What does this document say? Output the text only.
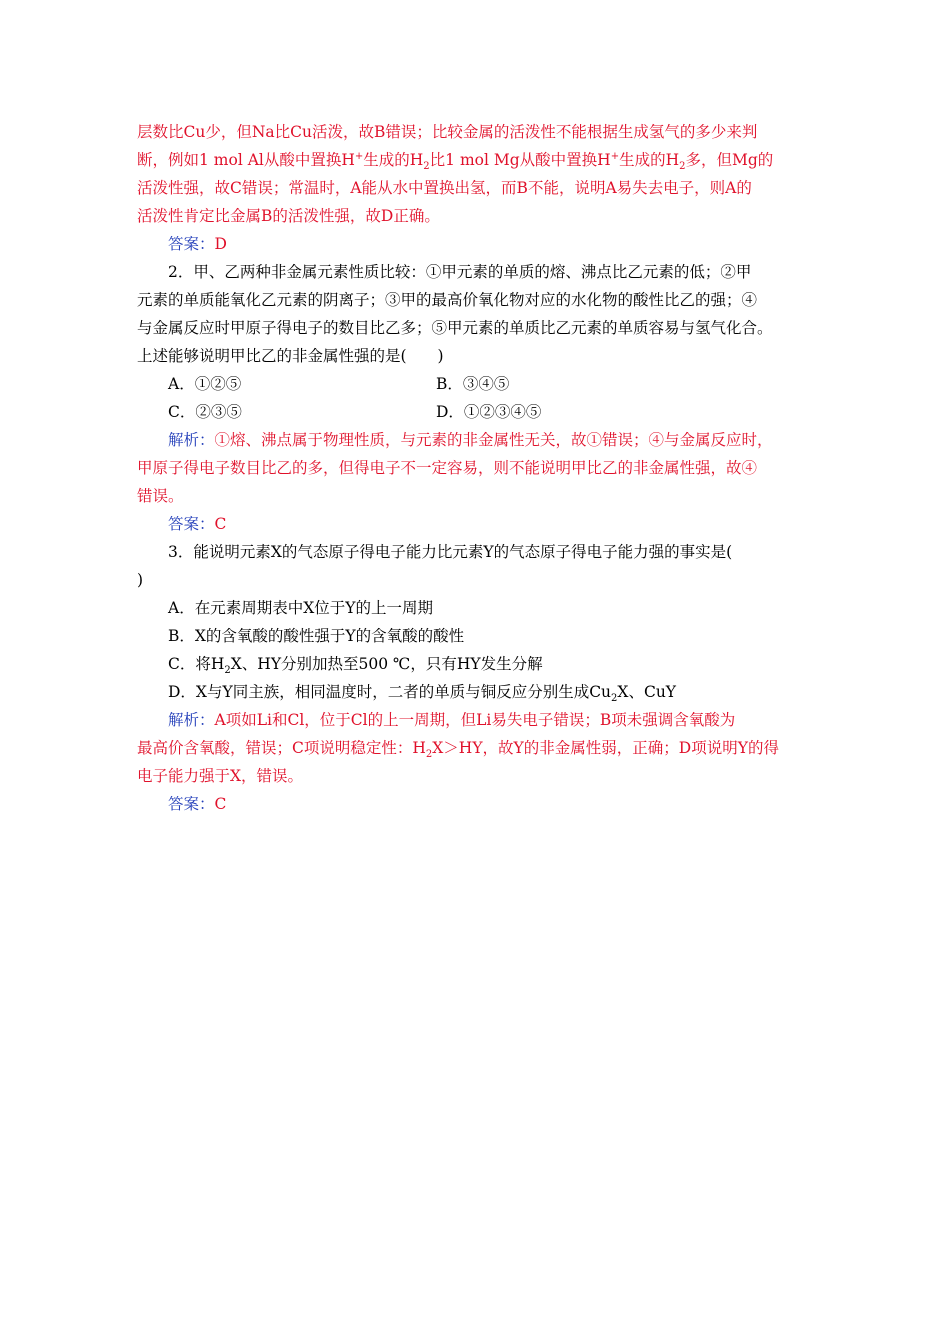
层数比Cu少，但Na比Cu活泼，故B错误；比较金属的活泼性不能根据生成氢气的多少来判
断，例如1 mol Al从酸中置换H+生成的$H_2$比1 mol Mg从酸中置换H+生成的$H_2$多，但Mg的
活泼性强，故C错误；常温时，A能从水中置换出氢，而B不能，说明A易失去电子，则A的
活泼性肯定比金属B的活泼性强，故D正确。
答案：D
2．甲、乙两种非金属元素性质比较：①甲元素的单质的熔、沸点比乙元素的低；②甲
元素的单质能氧化乙元素的阴离子；③甲的最高价氧化物对应的水化物的酸性比乙的强；④
与金属反应时甲原子得电子的数目比乙多；⑤甲元素的单质比乙元素的单质容易与氢气化合。
上述能够说明甲比乙的非金属性强的是(　　)
A．①②⑤	B．③④⑤
C．②③⑤	D．①②③④⑤
解析：①熔、沸点属于物理性质，与元素的非金属性无关，故①错误；④与金属反应时，
甲原子得电子数目比乙的多，但得电子不一定容易，则不能说明甲比乙的非金属性强，故④
错误。
答案：C
3．能说明元素X的气态原子得电子能力比元素Y的气态原子得电子能力强的事实是(
)
A．在元素周期表中X位于Y的上一周期
B．X的含氧酸的酸性强于Y的含氧酸的酸性
C．将$H_2X$、HY分别加热至500 ℃，只有HY发生分解
D．X与Y同主族，相同温度时，二者的单质与铜反应分别生成$Cu_2X$、CuY
解析：A项如Li和Cl，位于Cl的上一周期，但Li易失电子错误；B项未强调含氧酸为
最高价含氧酸，错误；C项说明稳定性：$H_2X>HY$，故Y的非金属性弱，正确；D项说明Y的得
电子能力强于X，错误。
答案：C
